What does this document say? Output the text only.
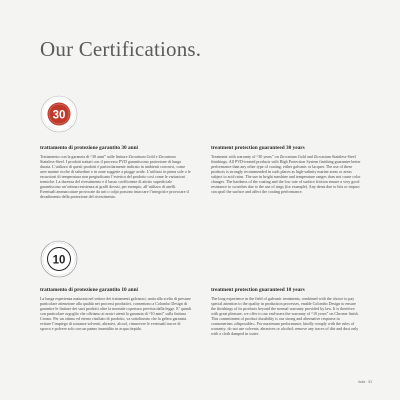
Our Certifications.
30
trattamento di protezione garantito 30 anni

Trattamento con la garanzia di “30 anni” sulle finiture Zirconium Gold e Zirconium Stainless-Steel. I prodotti trattati con il processo PVD garantiscono protezione di lunga durata. L’utilizzo di questi prodotti è particolarmente indicato in ambienti corrosivi, come aree marine ricche di salsedine o in zone soggette a piogge acide. L’utilizzo in piena sole o le escursioni di temperatura non pregiudicano l’estetica del prodotto così come le variazioni termiche. La durezza del rivestimento e il basso coefficiente di attrito superficiale garantiscono un’ottima resistenza ai graffi dovuti, per esempio, all’utilizzo di anelli. Eventuali ammaccature provocate da urti o colpi possono intaccare l’integrità e provocare il decadimento della protezione del rivestimento.

treatment protection guaranteed 30 years

Treatment with warranty of “30 years” on Zirconium Gold and Zirconium Stainless-Steel finishings. All PVD-treated products with High Protection System finishing guarantee better performance than any other type of coating, either galvanic or lacquer. The use of these products is strongly recommended in such places as high-salinity marine areas or areas subject to acid rains. The use in bright sunshine and temperature ranges does not cause color changes. The hardness of the coating and the low rate of surface friction ensure a very good resistance to scratches due to the use of rings (for example). Any dents due to hits or impact can spoil the surface and affect the coating performance.

10
trattamento di protezione garantito 10 anni

La lunga esperienza maturata nel settore dei trattamenti galvanici, unita alla scelta di prestare particolare attenzione alla qualità nei processi produttivi, consentono a Colombo Design di garantire le finiture dei suoi prodotti oltre la normale copertura prevista dalla legge. E’ quindi con particolare orgoglio che offriamo ai nostri utenti la garanzia di “10 anni” sulla finitura Cromo. Per un ottimo ed eterno risultato di prodotto, va sottolineato che la gelera garanzia evitare l’impiego di sostanze solventi, abrasivi, alcool, rimuovere le eventuali tracce di sporco e polvere solo con un panno inumidito in acqua tiepida.

treatment protection guaranteed 10 years

The long experience in the field of galvanic treatments, combined with the choice to pay special attention to the quality in production processes, enable Colombo Design to ensure the finishings of its products beyond the normal warranty provided by law. It is therefore with great pleasure, we offer to our end-users the warranty of “10 years” on Chrome finish. This commitment of product durability is our strong and alternative response in consumerism «disposable». For maximum performance, kindly comply with the rules of warranty: do not use solvents, abrasives or alcohol; remove any traces of dirt and dust only with a cloth damped in water.

Italia · 53
